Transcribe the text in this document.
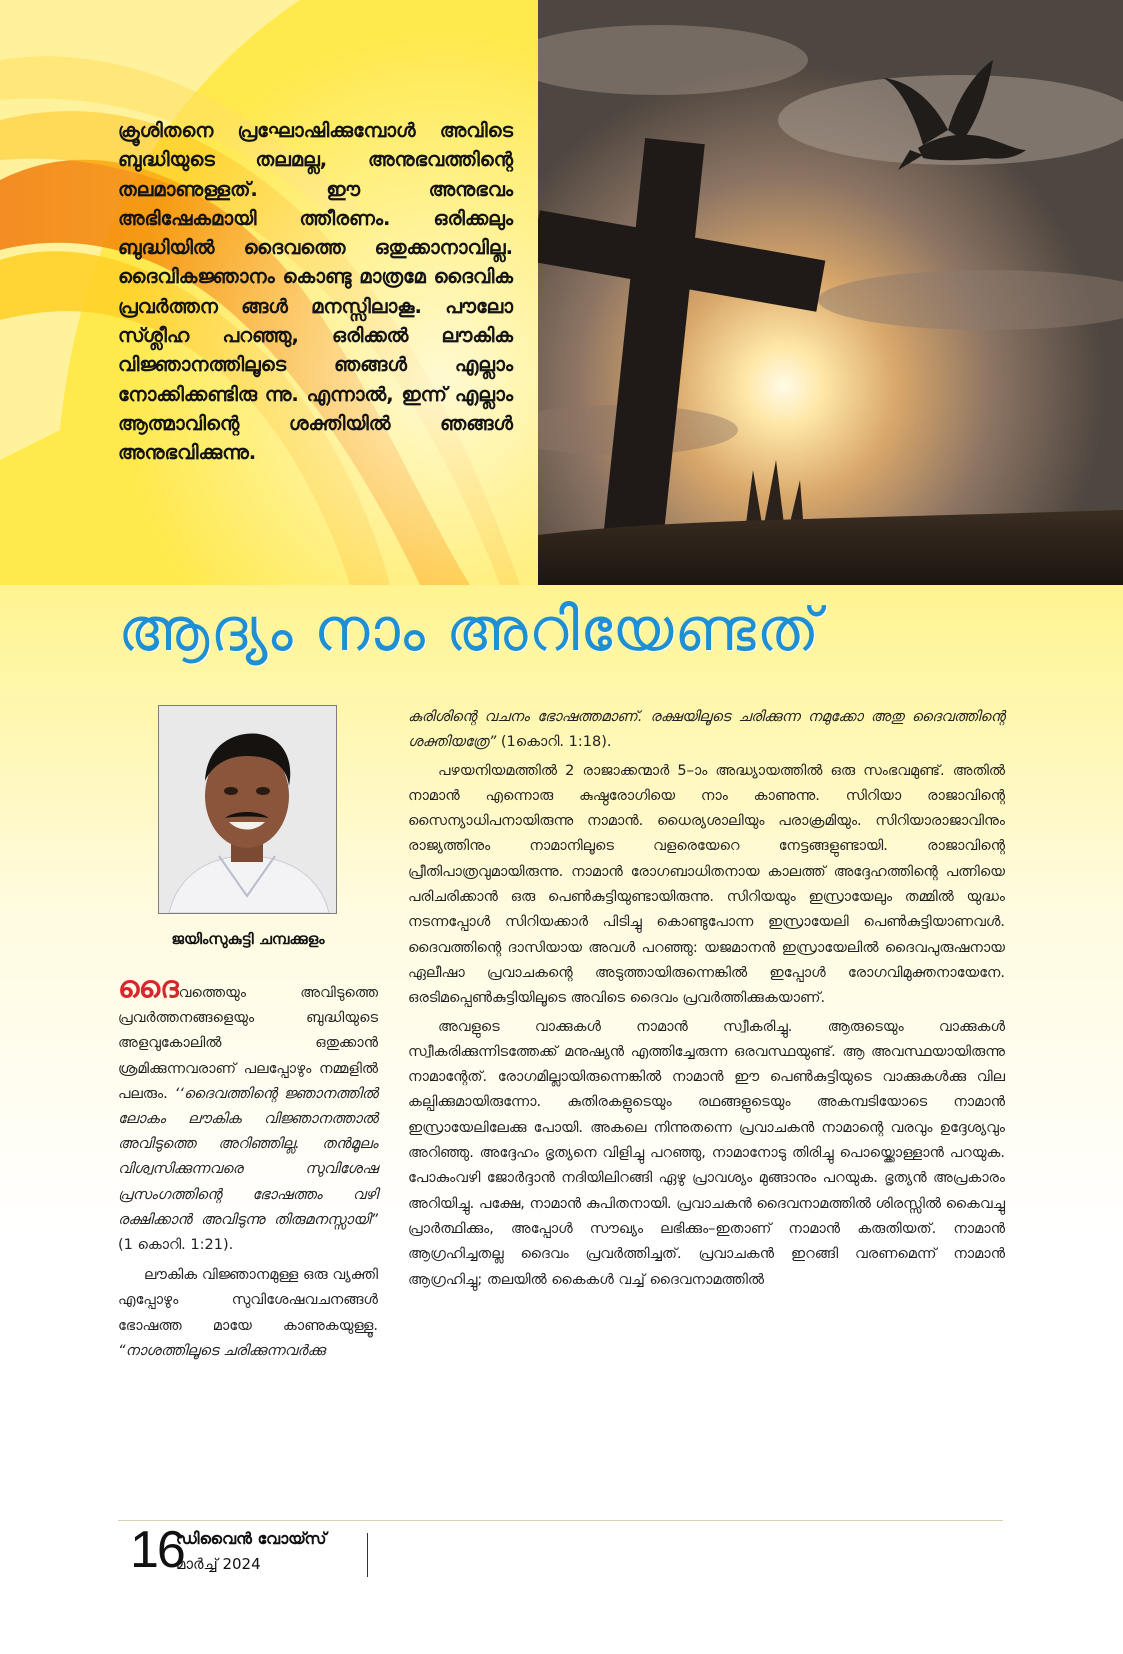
ക്രൂശിതനെ പ്രഘോഷിക്കുമ്പോൾ അവിടെ ബുദ്ധിയുടെ തലമല്ല, അനുഭവത്തിന്റെ തലമാണുള്ളത്. ഈ അനുഭവം അഭിഷേകമായി ത്തീരണം. ഒരിക്കലും ബുദ്ധിയിൽ ദൈവത്തെ ഒതുക്കാനാവില്ല. ദൈവികജ്ഞാനം കൊണ്ടു മാത്രമേ ദൈവിക പ്രവർത്തന ങ്ങൾ മനസ്സിലാകൂ. പൗലോ സ്ശ്ലീഹ പറഞ്ഞു, ഒരിക്കൽ ലൗകിക വിജ്ഞാനത്തിലൂടെ ഞങ്ങൾ എല്ലാം നോക്കിക്കണ്ടിരു ന്നു. എന്നാൽ, ഇന്ന് എല്ലാം ആത്മാവിന്റെ ശക്തിയിൽ ഞങ്ങൾ അനുഭവിക്കുന്നു.
ആദ്യം നാം അറിയേണ്ടത്
ജയിംസുകുട്ടി ചമ്പക്കുളം

ദൈവത്തെയും അവിടുത്തെ പ്രവർത്തനങ്ങളെയും ബുദ്ധിയുടെ അളവുകോലിൽ ഒതുക്കാൻ ശ്രമിക്കുന്നവരാണ് പലപ്പോഴും നമ്മളിൽ പലരും. ‘‘ദൈവത്തിന്റെ ജ്ഞാനത്തിൽ ലോകം ലൗകിക വിജ്ഞാനത്താൽ അവിടുത്തെ അറിഞ്ഞില്ല. തൻമൂലം വിശ്വസിക്കുന്നവരെ സുവിശേഷ പ്രസംഗത്തിന്റെ ഭോഷത്തം വഴി രക്ഷിക്കാൻ അവിടുന്നു തിരുമനസ്സായി” (1 കൊറി. 1:21).

ലൗകിക വിജ്ഞാനമുള്ള ഒരു വ്യക്തി എപ്പോഴും സുവിശേഷവചനങ്ങൾ ഭോഷത്ത മായേ കാണുകയുള്ളൂ. “നാശത്തിലൂടെ ചരിക്കുന്നവർക്കു

കുരിശിന്റെ വചനം ഭോഷത്തമാണ്. രക്ഷയിലൂടെ ചരിക്കുന്ന നമുക്കോ അതു ദൈവത്തിന്റെ ശക്തിയത്രേ” (1കൊറി. 1:18).

പഴയനിയമത്തിൽ 2 രാജാക്കന്മാർ 5–ാം അദ്ധ്യായത്തിൽ ഒരു സംഭവമുണ്ട്. അതിൽ നാമാൻ എന്നൊരു കുഷ്ഠരോഗിയെ നാം കാണുന്നു. സിറിയാ രാജാവിന്റെ സൈന്യാധിപനായിരുന്നു നാമാൻ. ധൈര്യശാലിയും പരാക്രമിയും. സിറിയാരാജാവിനും രാജ്യത്തിനും നാമാനിലൂടെ വളരെയേറെ നേട്ടങ്ങളുണ്ടായി. രാജാവിന്റെ പ്രീതിപാത്രവുമായിരുന്നു. നാമാൻ രോഗബാധിതനായ കാലത്ത് അദ്ദേഹത്തിന്റെ പത്നിയെ പരിചരിക്കാൻ ഒരു പെൺകുട്ടിയുണ്ടായിരുന്നു. സിറിയയും ഇസ്രായേലും തമ്മിൽ യുദ്ധം നടന്നപ്പോൾ സിറിയക്കാർ പിടിച്ചു കൊണ്ടുപോന്ന ഇസ്രായേലി പെൺകുട്ടിയാണവൾ. ദൈവത്തിന്റെ ദാസിയായ അവൾ പറഞ്ഞു: യജമാനൻ ഇസ്രായേലിൽ ദൈവപുരുഷനായ ഏലീഷാ പ്രവാചകന്റെ അടുത്തായിരുന്നെങ്കിൽ ഇപ്പോൾ രോഗവിമുക്തനായേനേ. ഒരടിമപ്പെൺകുട്ടിയിലൂടെ അവിടെ ദൈവം പ്രവർത്തിക്കുകയാണ്.

അവളുടെ വാക്കുകൾ നാമാൻ സ്വീകരിച്ചു. ആരുടെയും വാക്കുകൾ സ്വീകരിക്കുന്നിടത്തേക്ക് മനുഷ്യൻ എത്തിച്ചേരുന്ന ഒരവസ്ഥയുണ്ട്. ആ അവസ്ഥയായിരുന്നു നാമാന്റേത്. രോഗമില്ലായിരുന്നെങ്കിൽ നാമാൻ ഈ പെൺകുട്ടിയുടെ വാക്കുകൾക്കു വില കല്പിക്കുമായിരുന്നോ. കുതിരകളുടെയും രഥങ്ങളുടെയും അകമ്പടിയോടെ നാമാൻ ഇസ്രായേലിലേക്കു പോയി. അകലെ നിന്നുതന്നെ പ്രവാചകൻ നാമാന്റെ വരവും ഉദ്ദേശ്യവും അറിഞ്ഞു. അദ്ദേഹം ഭൃത്യനെ വിളിച്ചു പറഞ്ഞു, നാമാനോടു തിരിച്ചു പൊയ്ക്കൊള്ളാൻ പറയുക. പോകുംവഴി ജോർദ്ദാൻ നദിയിലിറങ്ങി ഏഴു പ്രാവശ്യം മുങ്ങാനും പറയുക. ഭൃത്യൻ അപ്രകാരം അറിയിച്ചു. പക്ഷേ, നാമാൻ കുപിതനായി. പ്രവാചകൻ ദൈവനാമത്തിൽ ശിരസ്സിൽ കൈവച്ചു പ്രാർത്ഥിക്കും, അപ്പോൾ സൗഖ്യം ലഭിക്കും–ഇതാണ് നാമാൻ കരുതിയത്. നാമാൻ ആഗ്രഹിച്ചതല്ല ദൈവം പ്രവർത്തിച്ചത്. പ്രവാചകൻ ഇറങ്ങി വരണമെന്ന് നാമാൻ ആഗ്രഹിച്ചു; തലയിൽ കൈകൾ വച്ച് ദൈവനാമത്തിൽ

16
ഡിവൈൻ വോയ്സ്
മാർച്ച് 2024
